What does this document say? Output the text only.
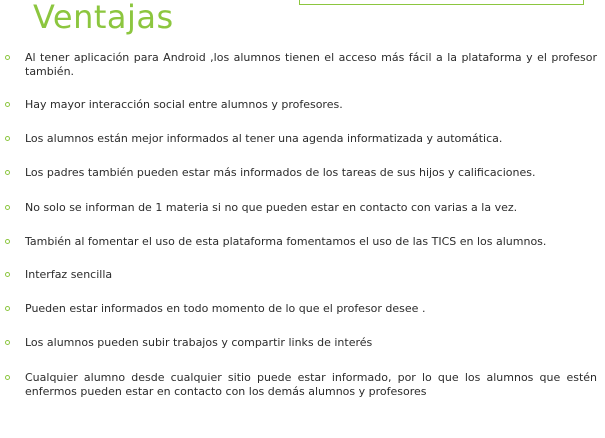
Ventajas

Al tener aplicación para Android ,los alumnos tienen el acceso más fácil a la plataforma y el profesor también.

Hay mayor interacción social entre alumnos y profesores.

Los alumnos están mejor informados al tener una agenda informatizada y automática.

Los padres también pueden estar más informados de los tareas de sus hijos y calificaciones.

No solo se informan de 1 materia si no que pueden estar en contacto con varias a la vez.

También al fomentar el uso de esta plataforma fomentamos el uso de las TICS en los alumnos.

Interfaz sencilla

Pueden estar informados en todo momento de lo que el profesor desee .

Los alumnos pueden subir trabajos y compartir links de interés

Cualquier alumno desde cualquier sitio puede estar informado, por lo que los alumnos que estén enfermos pueden estar en contacto con los demás alumnos y profesores
